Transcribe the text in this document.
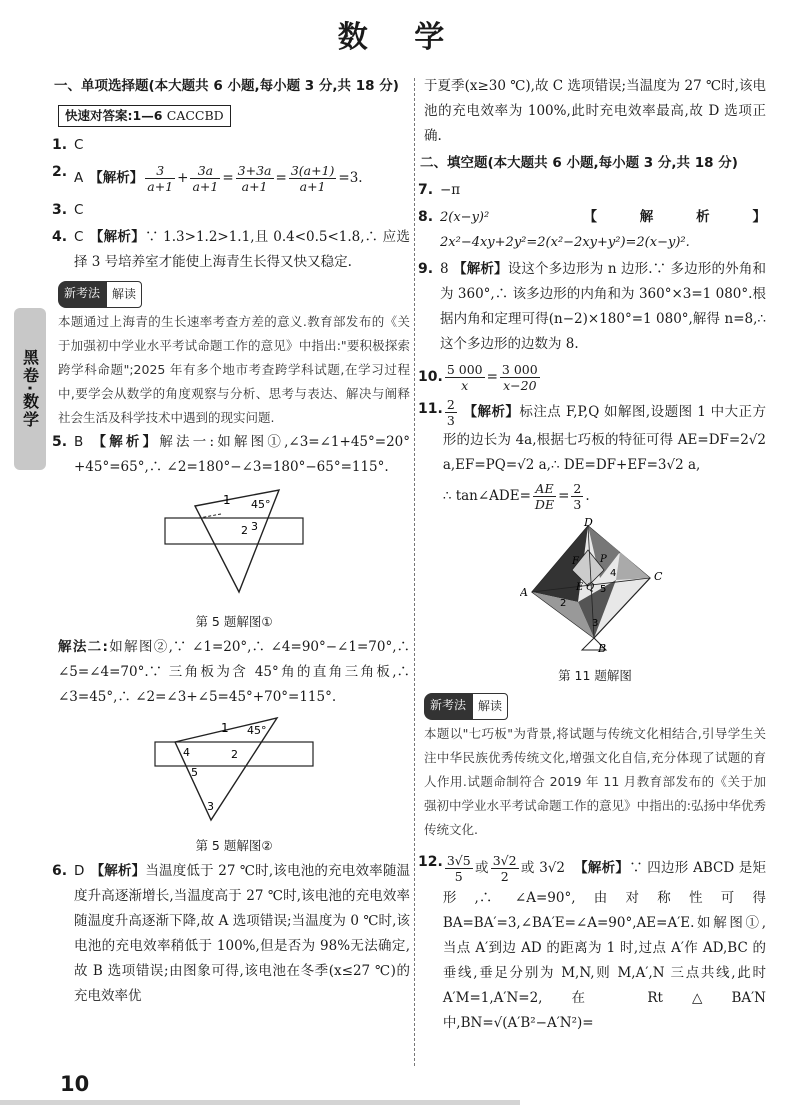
数 学
黑卷·数学
一、单项选择题(本大题共 6 小题,每小题 3 分,共 18 分)
快速对答案:1—6 CACCBD
1. C
2. A 【解析】 $\frac{3}{a+1} + \frac{3a}{a+1} = \frac{3+3a}{a+1} = \frac{3(a+1)}{a+1} =3$.
3. C
4. C 【解析】∵ 1.3>1.2>1.1,且 0.4<0.5<1.8,∴ 应选择 3 号培养室才能使上海青生长得又快又稳定.
新考法	解读
本题通过上海青的生长速率考查方差的意义.教育部发布的《关于加强初中学业水平考试命题工作的意见》中指出:"要积极探索跨学科命题";2025 年有多个地市考查跨学科试题,在学习过程中,要学会从数学的角度观察与分析、思考与表达、解决与阐释社会生活及科学技术中遇到的现实问题.
5. B 【解析】解法一:如解图①,∠3=∠1+45°=20°+45°=65°,∴ ∠2=180°−∠3=180°−65°=115°.
1 45°
2 3
第 5 题解图①
解法二:如解图②,∵ ∠1=20°,∴ ∠4=90°−∠1=70°,∴ ∠5=∠4=70°.∵ 三角板为含 45°角的直角三角板,∴ ∠3=45°,∴ ∠2=∠3+∠5=45°+70°=115°.
1 45°
4	2
5
3
第 5 题解图②
6. D 【解析】当温度低于 27 ℃时,该电池的充电效率随温度升高逐渐增长,当温度高于 27 ℃时,该电池的充电效率随温度升高逐渐下降,故 A 选项错误;当温度为 0 ℃时,该电池的充电效率稍低于 100%,但是否为 98%无法确定,故 B 选项错误;由图象可得,该电池在冬季(x≤27 ℃)的充电效率优
于夏季(x≥30 ℃),故 C 选项错误;当温度为 27 ℃时,该电池的充电效率为 100%,此时充电效率最高,故 D 选项正确.
二、填空题(本大题共 6 小题,每小题 3 分,共 18 分)
7. −π
8. 2(x−y)²	【解析】2x²−4xy+2y²=2(x²−2xy+y²)=2(x−y)².
9. 8 【解析】设这个多边形为 n 边形.∵ 多边形的外角和为 360°,∴ 该多边形的内角和为 360°×3=1 080°.根据内角和定理可得(n−2)×180°=1 080°,解得 n=8,∴ 这个多边形的边数为 8.
10. $\frac{5 000}{x} = \frac{3 000}{x-20}$
11. $\frac{2}{3}$ 【解析】标注点 F,P,Q 如解图,设题图 1 中大正方形的边长为 4a,根据七巧板的特征可得 AE=DF=2√2 a,EF=PQ=√2 a,∴ DE=DF+EF=3√2 a,
∴ tan∠ADE= $\frac{AE}{DE} = \frac{2}{3}$ .
D
A
C
B
E Q
F P
4
5
2
3
第 11 题解图
新考法	解读
本题以"七巧板"为背景,将试题与传统文化相结合,引导学生关注中华民族优秀传统文化,增强文化自信,充分体现了试题的育人作用.试题命制符合 2019 年 11 月教育部发布的《关于加强初中学业水平考试命题工作的意见》中指出的:弘扬中华优秀传统文化.
12. $\frac{3√5}{5}$ 或 $\frac{3√2}{2}$ 或 3√2 【解析】∵ 四边形 ABCD 是矩形,∴ ∠A=90°,由对称性可得 BA=BA′=3,∠BA′E=∠A=90°,AE=A′E.如解图①,当点 A′到边 AD 的距离为 1 时,过点 A′作 AD,BC 的垂线,垂足分别为 M,N,则 M,A′,N 三点共线,此时 A′M=1,A′N=2,在 Rt△BA′N 中,BN=√(A′B²−A′N²)=
10
